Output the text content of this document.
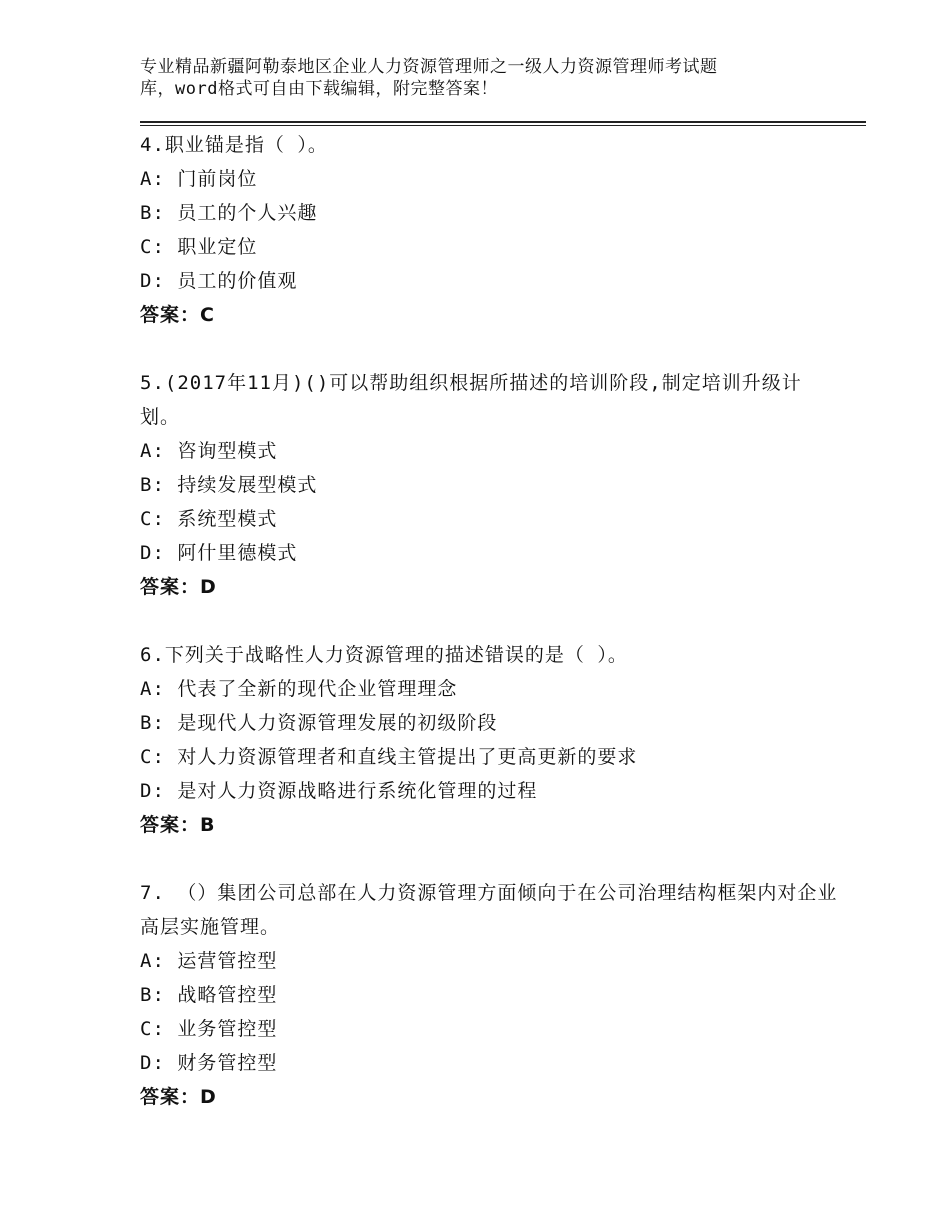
专业精品新疆阿勒泰地区企业人力资源管理师之一级人力资源管理师考试题
库，word格式可自由下载编辑，附完整答案！
4.职业锚是指（ ）。
A: 门前岗位
B: 员工的个人兴趣
C: 职业定位
D: 员工的价值观
答案：C
5.(2017年11月)()可以帮助组织根据所描述的培训阶段,制定培训升级计划。
A: 咨询型模式
B: 持续发展型模式
C: 系统型模式
D: 阿什里德模式
答案：D
6.下列关于战略性人力资源管理的描述错误的是（ ）。
A: 代表了全新的现代企业管理理念
B: 是现代人力资源管理发展的初级阶段
C: 对人力资源管理者和直线主管提出了更高更新的要求
D: 是对人力资源战略进行系统化管理的过程
答案：B
7. （）集团公司总部在人力资源管理方面倾向于在公司治理结构框架内对企业高层实施管理。
A: 运营管控型
B: 战略管控型
C: 业务管控型
D: 财务管控型
答案：D
